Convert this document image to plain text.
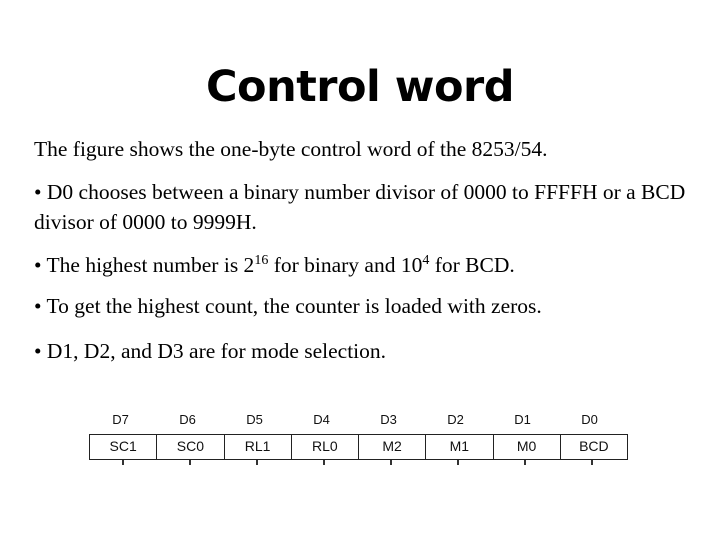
Control word
The figure shows the one-byte control word of the 8253/54.
• D0 chooses between a binary number divisor of 0000 to FFFFH or a BCD divisor of 0000 to 9999H.
• The highest number is $2^{16}$ for binary and $10^4$ for BCD.
• To get the highest count, the counter is loaded with zeros.
• D1, D2, and D3 are for mode selection.
D7	D6	D5	D4	D3	D2	D1	D0
SC1	SC0	RL1	RL0	M2	M1	M0	BCD
